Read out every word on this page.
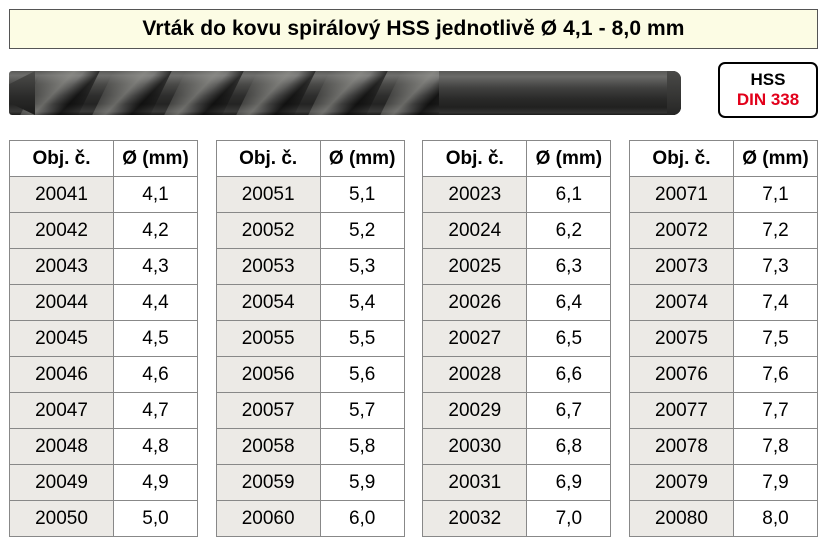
Vrták do kovu spirálový HSS jednotlivě Ø 4,1 - 8,0 mm
HSS
DIN 338
Obj. č.	Ø (mm)
20041	4,1
20042	4,2
20043	4,3
20044	4,4
20045	4,5
20046	4,6
20047	4,7
20048	4,8
20049	4,9
20050	5,0
Obj. č.	Ø (mm)
20051	5,1
20052	5,2
20053	5,3
20054	5,4
20055	5,5
20056	5,6
20057	5,7
20058	5,8
20059	5,9
20060	6,0
Obj. č.	Ø (mm)
20023	6,1
20024	6,2
20025	6,3
20026	6,4
20027	6,5
20028	6,6
20029	6,7
20030	6,8
20031	6,9
20032	7,0
Obj. č.	Ø (mm)
20071	7,1
20072	7,2
20073	7,3
20074	7,4
20075	7,5
20076	7,6
20077	7,7
20078	7,8
20079	7,9
20080	8,0
